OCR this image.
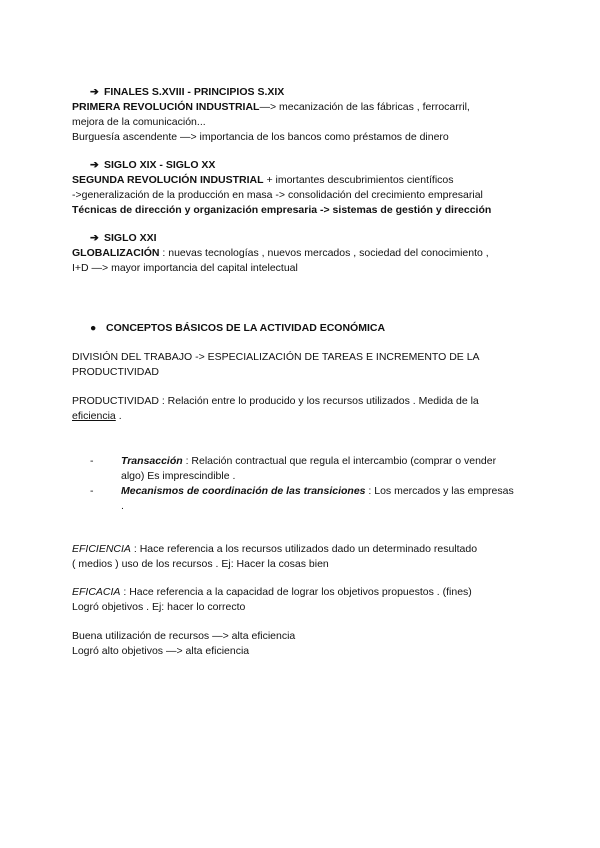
➔ FINALES S.XVIII - PRINCIPIOS S.XIX
PRIMERA REVOLUCIÓN INDUSTRIAL—> mecanización de las fábricas , ferrocarril,
mejora de la comunicación...
Burguesía ascendente —> importancia de los bancos como préstamos de dinero
➔ SIGLO XIX - SIGLO XX
SEGUNDA REVOLUCIÓN INDUSTRIAL + imortantes descubrimientos científicos
->generalización de la producción en masa -> consolidación del crecimiento empresarial
Técnicas de dirección y organización empresaria -> sistemas de gestión y dirección
➔ SIGLO XXI
GLOBALIZACIÓN : nuevas tecnologías , nuevos mercados , sociedad del conocimiento ,
I+D —> mayor importancia del capital intelectual
● CONCEPTOS BÁSICOS DE LA ACTIVIDAD ECONÓMICA
DIVISIÓN DEL TRABAJO -> ESPECIALIZACIÓN DE TAREAS E INCREMENTO DE LA
PRODUCTIVIDAD
PRODUCTIVIDAD : Relación entre lo producido y los recursos utilizados . Medida de la
eficiencia .
-	Transacción : Relación contractual que regula el intercambio (comprar o vender
algo) Es imprescindible .
-	Mecanismos de coordinación de las transiciones : Los mercados y las empresas
.
EFICIENCIA : Hace referencia a los recursos utilizados dado un determinado resultado
( medios ) uso de los recursos . Ej: Hacer la cosas bien
EFICACIA : Hace referencia a la capacidad de lograr los objetivos propuestos . (fines)
Logró objetivos . Ej: hacer lo correcto
Buena utilización de recursos —> alta eficiencia
Logró alto objetivos —> alta eficiencia
